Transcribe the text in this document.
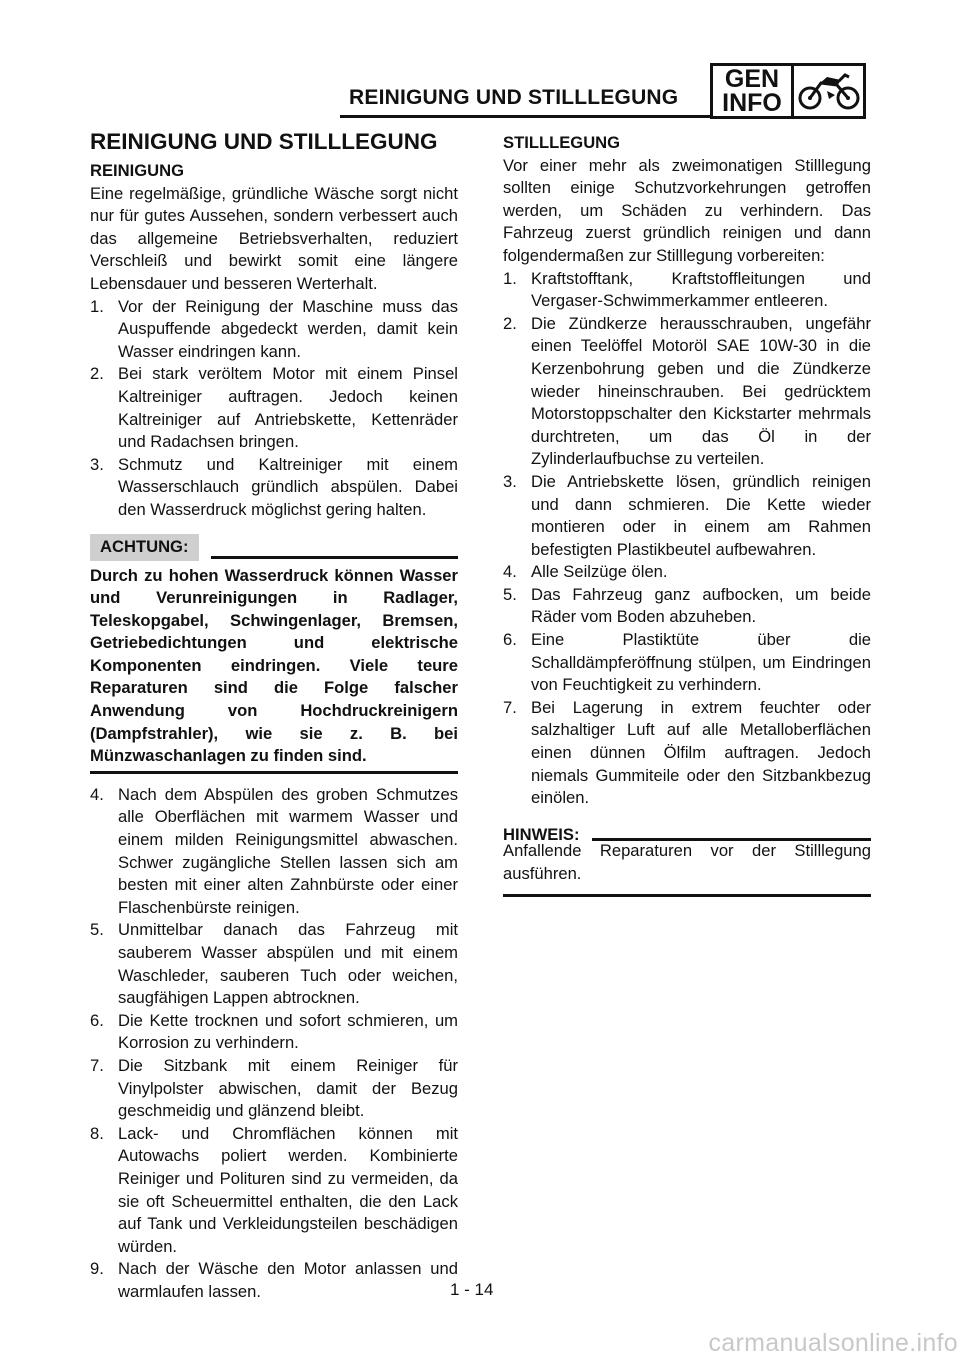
REINIGUNG UND STILLLEGUNG
GEN
INFO
REINIGUNG UND STILLLEGUNG

REINIGUNG

Eine regelmäßige, gründliche Wäsche sorgt nicht nur für gutes Aussehen, sondern verbessert auch das allgemeine Betriebsverhalten, reduziert Verschleiß und bewirkt somit eine längere Lebensdauer und besseren Werterhalt.

1. Vor der Reinigung der Maschine muss das Auspuffende abgedeckt werden, damit kein Wasser eindringen kann.
2. Bei stark veröltem Motor mit einem Pinsel Kaltreiniger auftragen. Jedoch keinen Kaltreiniger auf Antriebskette, Kettenräder und Radachsen bringen.
3. Schmutz und Kaltreiniger mit einem Wasserschlauch gründlich abspülen. Dabei den Wasserdruck möglichst gering halten.
ACHTUNG:
Durch zu hohen Wasserdruck können Wasser und Verunreinigungen in Radlager, Teleskopgabel, Schwingenlager, Bremsen, Getriebedichtungen und elektrische Komponenten eindringen. Viele teure Reparaturen sind die Folge falscher Anwendung von Hochdruckreinigern (Dampfstrahler), wie sie z. B. bei Münzwaschanlagen zu finden sind.
4. Nach dem Abspülen des groben Schmutzes alle Oberflächen mit warmem Wasser und einem milden Reinigungsmittel abwaschen. Schwer zugängliche Stellen lassen sich am besten mit einer alten Zahnbürste oder einer Flaschenbürste reinigen.
5. Unmittelbar danach das Fahrzeug mit sauberem Wasser abspülen und mit einem Waschleder, sauberen Tuch oder weichen, saugfähigen Lappen abtrocknen.
6. Die Kette trocknen und sofort schmieren, um Korrosion zu verhindern.
7. Die Sitzbank mit einem Reiniger für Vinylpolster abwischen, damit der Bezug geschmeidig und glänzend bleibt.
8. Lack- und Chromflächen können mit Autowachs poliert werden. Kombinierte Reiniger und Polituren sind zu vermeiden, da sie oft Scheuermittel enthalten, die den Lack auf Tank und Verkleidungsteilen beschädigen würden.
9. Nach der Wäsche den Motor anlassen und warmlaufen lassen.

STILLLEGUNG

Vor einer mehr als zweimonatigen Stilllegung sollten einige Schutzvorkehrungen getroffen werden, um Schäden zu verhindern. Das Fahrzeug zuerst gründlich reinigen und dann folgendermaßen zur Stilllegung vorbereiten:

1. Kraftstofftank, Kraftstoffleitungen und Vergaser-Schwimmerkammer entleeren.
2. Die Zündkerze herausschrauben, ungefähr einen Teelöffel Motoröl SAE 10W-30 in die Kerzenbohrung geben und die Zündkerze wieder hineinschrauben. Bei gedrücktem Motorstoppschalter den Kickstarter mehrmals durchtreten, um das Öl in der Zylinderlaufbuchse zu verteilen.
3. Die Antriebskette lösen, gründlich reinigen und dann schmieren. Die Kette wieder montieren oder in einem am Rahmen befestigten Plastikbeutel aufbewahren.
4. Alle Seilzüge ölen.
5. Das Fahrzeug ganz aufbocken, um beide Räder vom Boden abzuheben.
6. Eine Plastiktüte über die Schalldämpferöffnung stülpen, um Eindringen von Feuchtigkeit zu verhindern.
7. Bei Lagerung in extrem feuchter oder salzhaltiger Luft auf alle Metalloberflächen einen dünnen Ölfilm auftragen. Jedoch niemals Gummiteile oder den Sitzbankbezug einölen.
HINWEIS:
Anfallende Reparaturen vor der Stilllegung ausführen.
1 - 14
carmanualsonline.info
